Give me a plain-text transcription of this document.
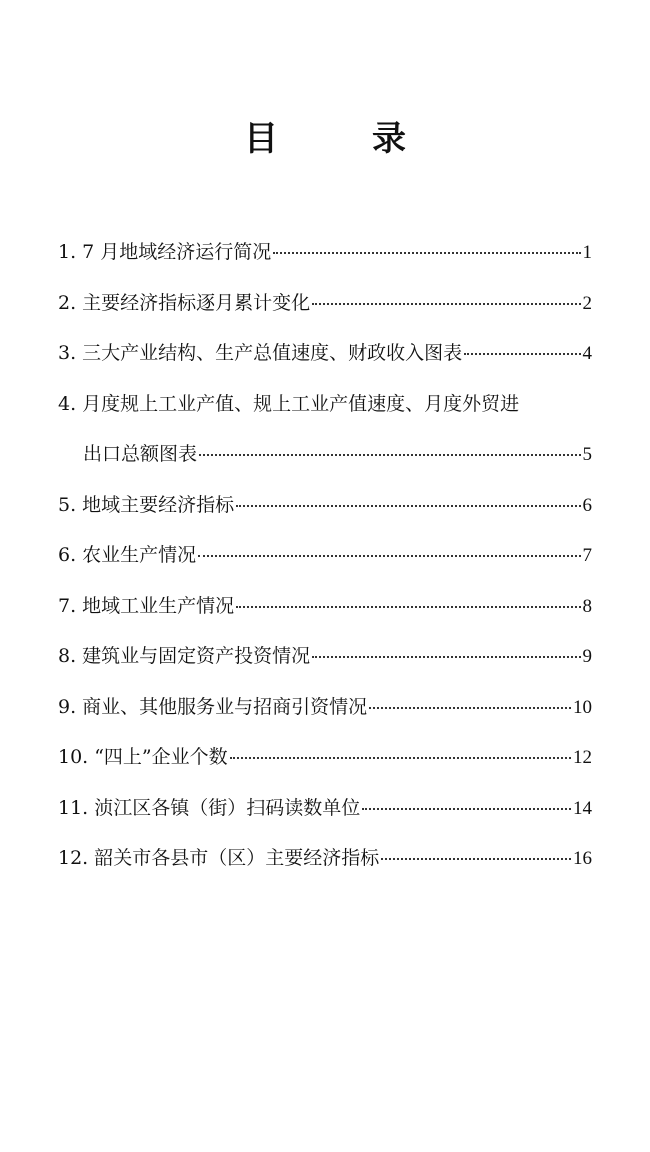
目　录
1. 7 月地域经济运行简况	1
2. 主要经济指标逐月累计变化	2
3. 三大产业结构、生产总值速度、财政收入图表	4
4. 月度规上工业产值、规上工业产值速度、月度外贸进
出口总额图表	5
5. 地域主要经济指标	6
6. 农业生产情况	7
7. 地域工业生产情况	8
8. 建筑业与固定资产投资情况	9
9. 商业、其他服务业与招商引资情况	10
10. “四上”企业个数	12
11. 浈江区各镇（街）扫码读数单位	14
12. 韶关市各县市（区）主要经济指标	16
